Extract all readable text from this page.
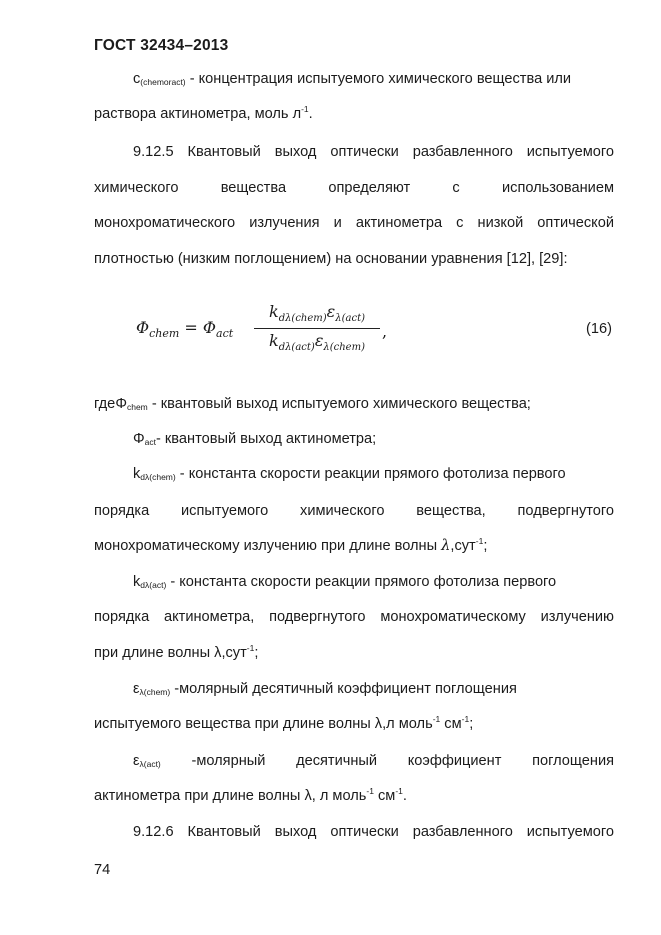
ГОСТ 32434–2013
$c_{(chemoract)}$ - концентрация испытуемого химического вещества или
раствора актинометра, моль $л^{-1}$.
9.12.5 Квантовый выход оптически разбавленного испытуемого
химического вещества определяют с использованием
монохроматического излучения и актинометра с низкой оптической
плотностью (низким поглощением) на основании уравнения [12], [29]:
$\Phi_{chem} = \Phi_{act}$
$k_{d\lambda(chem)}\varepsilon_{\lambda(act)}$
$k_{d\lambda(act)}\varepsilon_{\lambda(chem)}$
,	(16)
гдеΦ$_{chem}$ - квантовый выход испытуемого химического вещества;
$\Phi_{act}-$ квантовый выход актинометра;
$k_{d\lambda(chem)}$ - константа скорости реакции прямого фотолиза первого
порядка испытуемого химического вещества, подвергнутого
монохроматическому излучению при длине волны λ,сут$^{-1}$;
$k_{d\lambda(act)}$ - константа скорости реакции прямого фотолиза первого
порядка актинометра, подвергнутого монохроматическому излучению
при длине волны λ,сут$^{-1}$;
$\varepsilon_{\lambda(chem)}$ -молярный десятичный коэффициент поглощения
испытуемого вещества при длине волны λ,л моль$^{-1}$ $см^{-1}$;
$\varepsilon_{\lambda(act)}$ -молярный десятичный коэффициент поглощения
актинометра при длине волны λ, л моль$^{-1}$ $см^{-1}$.
9.12.6 Квантовый выход оптически разбавленного испытуемого
74
